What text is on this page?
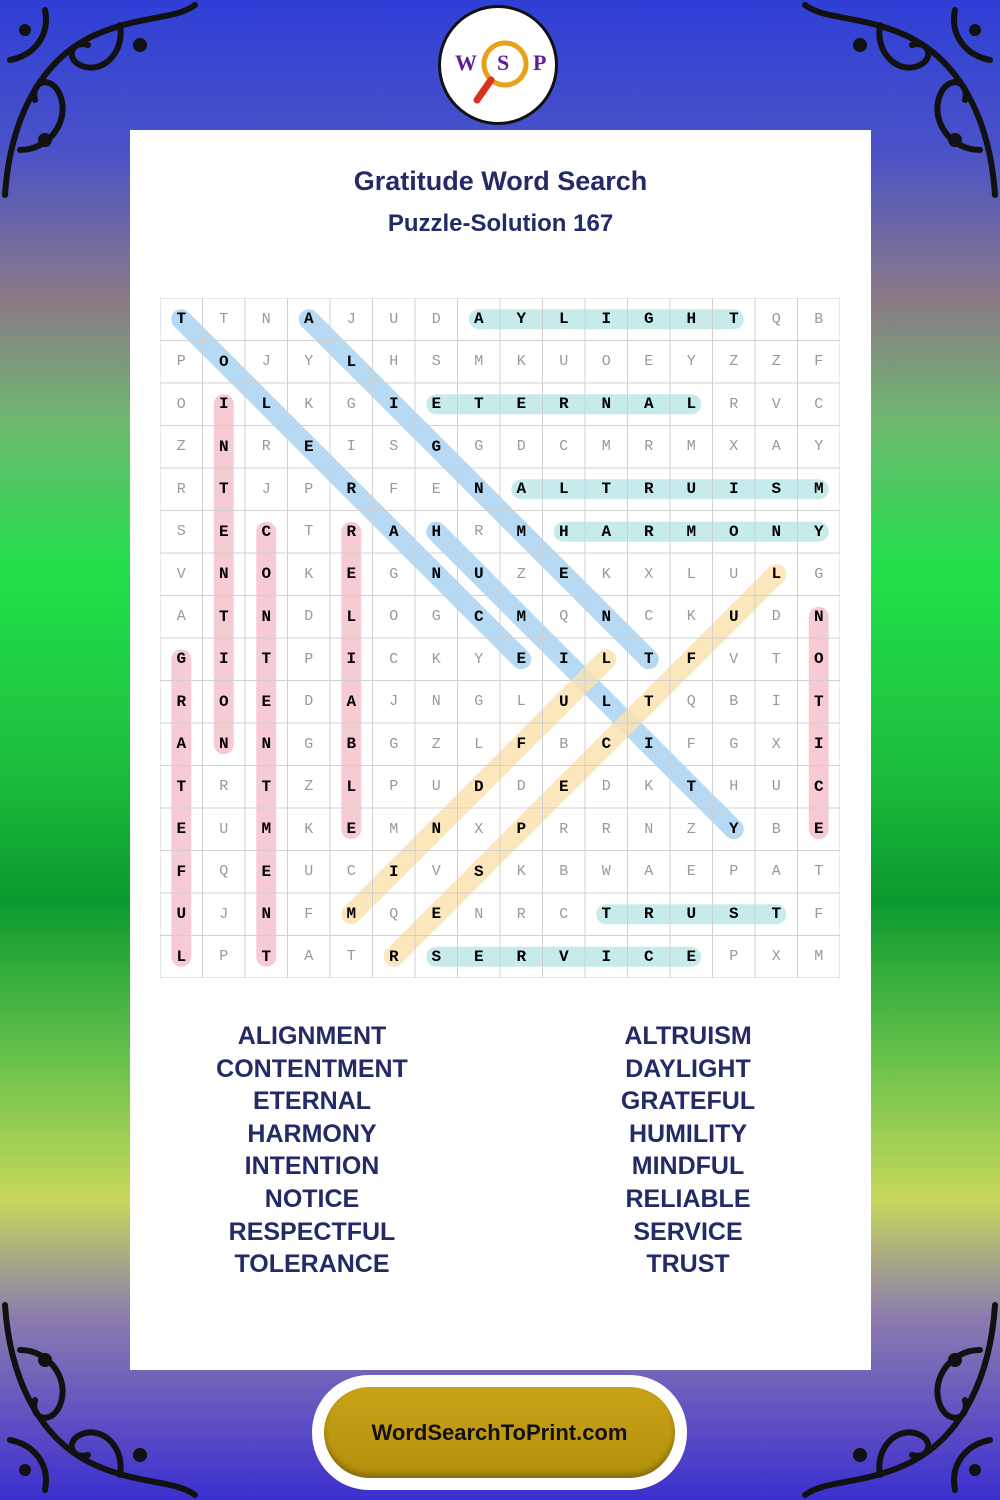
W S P
Gratitude Word Search
Puzzle-Solution 167
T	T	N	A	J	U	D	A	Y	L	I	G	H	T	Q	B
P	O	J	Y	L	H	S	M	K	U	O	E	Y	Z	Z	F
O	I	L	K	G	I	E	T	E	R	N	A	L	R	V	C
Z	N	R	E	I	S	G	G	D	C	M	R	M	X	A	Y
R	T	J	P	R	F	E	N	A	L	T	R	U	I	S	M
S	E	C	T	R	A	H	R	M	H	A	R	M	O	N	Y
V	N	O	K	E	G	N	U	Z	E	K	X	L	U	L	G
A	T	N	D	L	O	G	C	M	Q	N	C	K	U	D	N
G	I	T	P	I	C	K	Y	E	I	L	T	F	V	T	O
R	O	E	D	A	J	N	G	L	U	L	T	Q	B	I	T
A	N	N	G	B	G	Z	L	F	B	C	I	F	G	X	I
T	R	T	Z	L	P	U	D	D	E	D	K	T	H	U	C
E	U	M	K	E	M	N	X	P	R	R	N	Z	Y	B	E
F	Q	E	U	C	I	V	S	K	B	W	A	E	P	A	T
U	J	N	F	M	Q	E	N	R	C	T	R	U	S	T	F
L	P	T	A	T	R	S	E	R	V	I	C	E	P	X	M
ALIGNMENT
CONTENTMENT
ETERNAL
HARMONY
INTENTION
NOTICE
RESPECTFUL
TOLERANCE
ALTRUISM
DAYLIGHT
GRATEFUL
HUMILITY
MINDFUL
RELIABLE
SERVICE
TRUST
WordSearchToPrint.com
